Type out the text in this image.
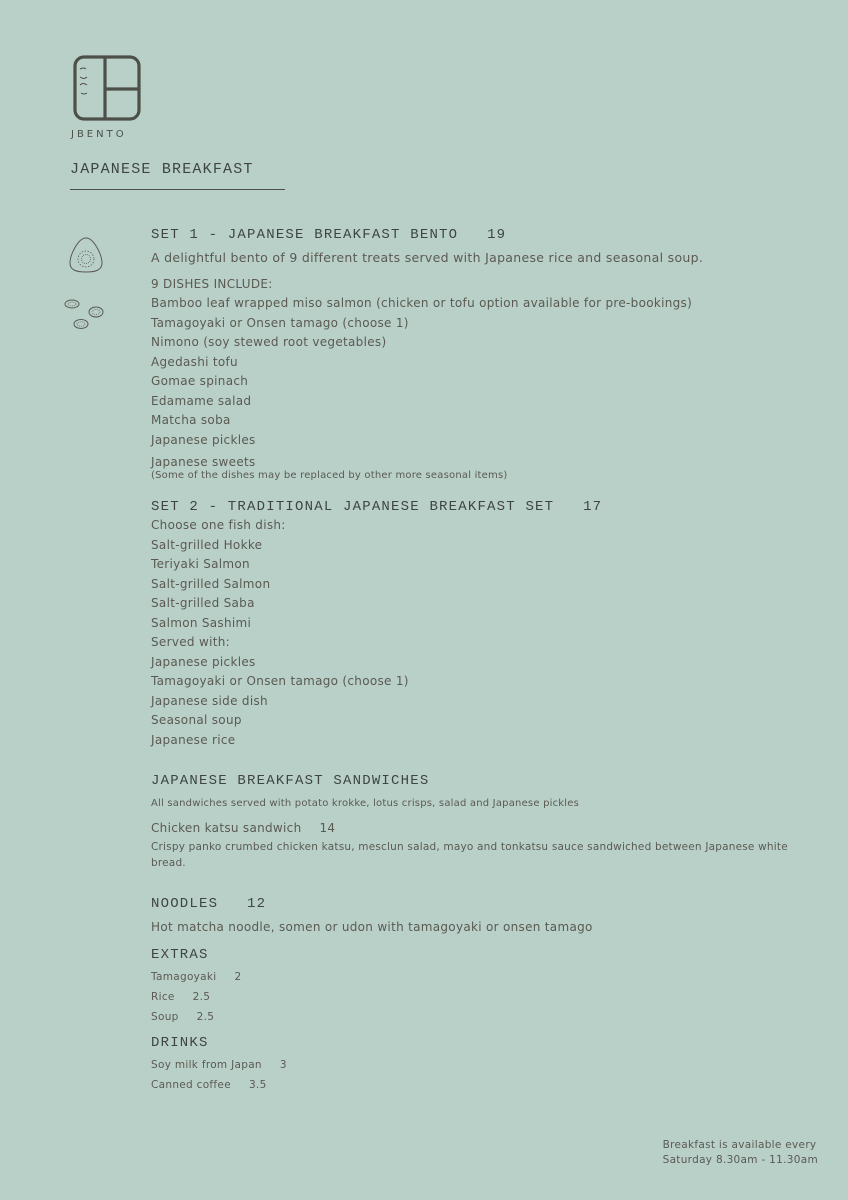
JBENTO
JAPANESE BREAKFAST
SET 1 - JAPANESE BREAKFAST BENTO 19
A delightful bento of 9 different treats served with Japanese rice and seasonal soup.
9 DISHES INCLUDE:
Bamboo leaf wrapped miso salmon (chicken or tofu option available for pre-bookings)
Tamagoyaki or Onsen tamago (choose 1)
Nimono (soy stewed root vegetables)
Agedashi tofu
Gomae spinach
Edamame salad
Matcha soba
Japanese pickles
Japanese sweets
(Some of the dishes may be replaced by other more seasonal items)
SET 2 - TRADITIONAL JAPANESE BREAKFAST SET 17
Choose one fish dish:
Salt-grilled Hokke
Teriyaki Salmon
Salt-grilled Salmon
Salt-grilled Saba
Salmon Sashimi
Served with:
Japanese pickles
Tamagoyaki or Onsen tamago (choose 1)
Japanese side dish
Seasonal soup
Japanese rice
JAPANESE BREAKFAST SANDWICHES
All sandwiches served with potato krokke, lotus crisps, salad and Japanese pickles
Chicken katsu sandwich 14
Crispy panko crumbed chicken katsu, mesclun salad, mayo and tonkatsu sauce sandwiched between Japanese white bread.
NOODLES 12
Hot matcha noodle, somen or udon with tamagoyaki or onsen tamago
EXTRAS
Tamagoyaki 2
Rice 2.5
Soup 2.5
DRINKS
Soy milk from Japan 3
Canned coffee 3.5
Breakfast is available every
Saturday 8.30am - 11.30am
